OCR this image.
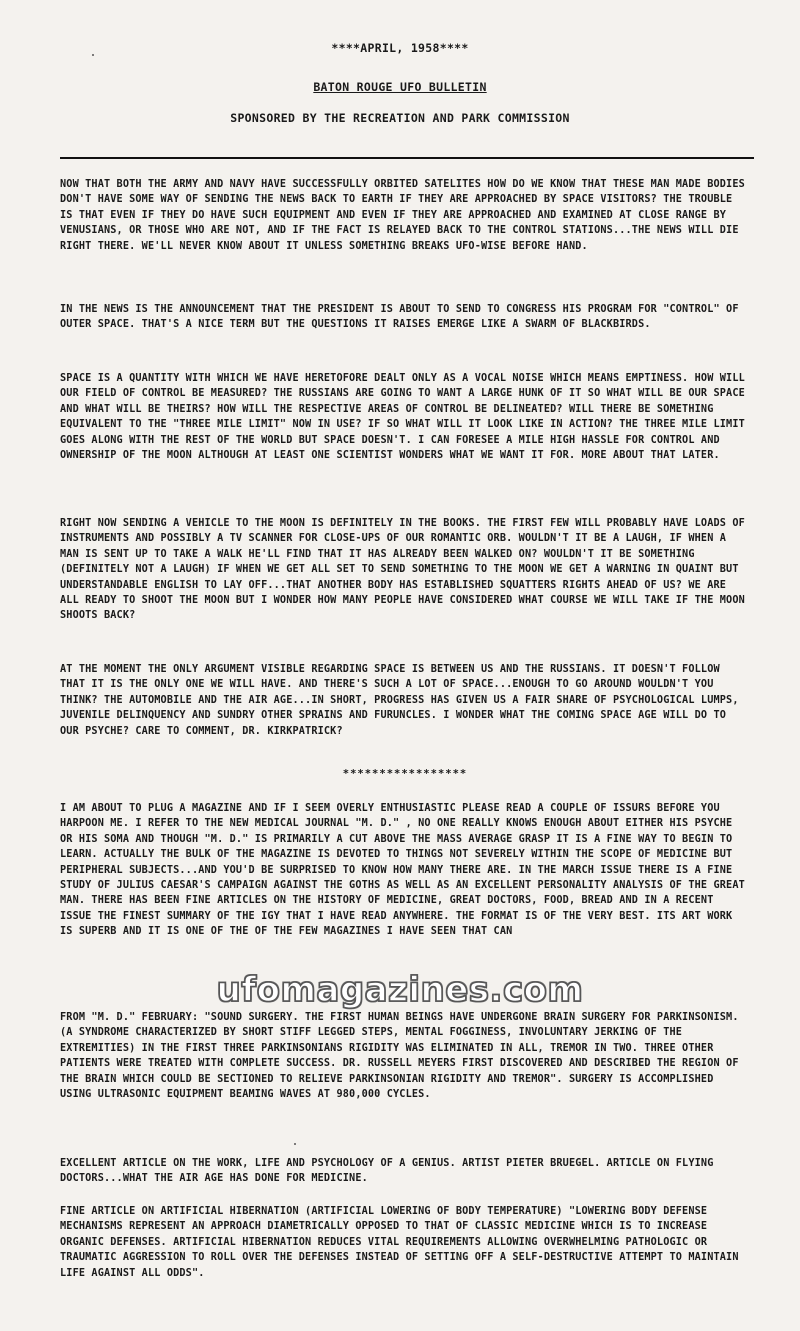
****APRIL, 1958****
BATON ROUGE UFO BULLETIN
SPONSORED BY THE RECREATION AND PARK COMMISSION

NOW THAT BOTH THE ARMY AND NAVY HAVE SUCCESSFULLY ORBITED SATELITES HOW DO WE KNOW THAT THESE MAN MADE BODIES DON'T HAVE SOME WAY OF SENDING THE NEWS BACK TO EARTH IF THEY ARE APPROACHED BY SPACE VISITORS? THE TROUBLE IS THAT EVEN IF THEY DO HAVE SUCH EQUIPMENT AND EVEN IF THEY ARE APPROACHED AND EXAMINED AT CLOSE RANGE BY VENUSIANS, OR THOSE WHO ARE NOT, AND IF THE FACT IS RELAYED BACK TO THE CONTROL STATIONS...THE NEWS WILL DIE RIGHT THERE. WE'LL NEVER KNOW ABOUT IT UNLESS SOMETHING BREAKS UFO-WISE BEFORE HAND.

IN THE NEWS IS THE ANNOUNCEMENT THAT THE PRESIDENT IS ABOUT TO SEND TO CONGRESS HIS PROGRAM FOR "CONTROL" OF OUTER SPACE. THAT'S A NICE TERM BUT THE QUESTIONS IT RAISES EMERGE LIKE A SWARM OF BLACKBIRDS.

SPACE IS A QUANTITY WITH WHICH WE HAVE HERETOFORE DEALT ONLY AS A VOCAL NOISE WHICH MEANS EMPTINESS. HOW WILL OUR FIELD OF CONTROL BE MEASURED? THE RUSSIANS ARE GOING TO WANT A LARGE HUNK OF IT SO WHAT WILL BE OUR SPACE AND WHAT WILL BE THEIRS? HOW WILL THE RESPECTIVE AREAS OF CONTROL BE DELINEATED? WILL THERE BE SOMETHING EQUIVALENT TO THE "THREE MILE LIMIT" NOW IN USE? IF SO WHAT WILL IT LOOK LIKE IN ACTION? THE THREE MILE LIMIT GOES ALONG WITH THE REST OF THE WORLD BUT SPACE DOESN'T. I CAN FORESEE A MILE HIGH HASSLE FOR CONTROL AND OWNERSHIP OF THE MOON ALTHOUGH AT LEAST ONE SCIENTIST WONDERS WHAT WE WANT IT FOR. MORE ABOUT THAT LATER.

RIGHT NOW SENDING A VEHICLE TO THE MOON IS DEFINITELY IN THE BOOKS. THE FIRST FEW WILL PROBABLY HAVE LOADS OF INSTRUMENTS AND POSSIBLY A TV SCANNER FOR CLOSE-UPS OF OUR ROMANTIC ORB. WOULDN'T IT BE A LAUGH, IF WHEN A MAN IS SENT UP TO TAKE A WALK HE'LL FIND THAT IT HAS ALREADY BEEN WALKED ON? WOULDN'T IT BE SOMETHING (DEFINITELY NOT A LAUGH) IF WHEN WE GET ALL SET TO SEND SOMETHING TO THE MOON WE GET A WARNING IN QUAINT BUT UNDERSTANDABLE ENGLISH TO LAY OFF...THAT ANOTHER BODY HAS ESTABLISHED SQUATTERS RIGHTS AHEAD OF US? WE ARE ALL READY TO SHOOT THE MOON BUT I WONDER HOW MANY PEOPLE HAVE CONSIDERED WHAT COURSE WE WILL TAKE IF THE MOON SHOOTS BACK?

AT THE MOMENT THE ONLY ARGUMENT VISIBLE REGARDING SPACE IS BETWEEN US AND THE RUSSIANS. IT DOESN'T FOLLOW THAT IT IS THE ONLY ONE WE WILL HAVE. AND THERE'S SUCH A LOT OF SPACE...ENOUGH TO GO AROUND WOULDN'T YOU THINK? THE AUTOMOBILE AND THE AIR AGE...IN SHORT, PROGRESS HAS GIVEN US A FAIR SHARE OF PSYCHOLOGICAL LUMPS, JUVENILE DELINQUENCY AND SUNDRY OTHER SPRAINS AND FURUNCLES. I WONDER WHAT THE COMING SPACE AGE WILL DO TO OUR PSYCHE? CARE TO COMMENT, DR. KIRKPATRICK?

*****************

I AM ABOUT TO PLUG A MAGAZINE AND IF I SEEM OVERLY ENTHUSIASTIC PLEASE READ A COUPLE OF ISSURS BEFORE YOU HARPOON ME. I REFER TO THE NEW MEDICAL JOURNAL "M. D." , NO ONE REALLY KNOWS ENOUGH ABOUT EITHER HIS PSYCHE OR HIS SOMA AND THOUGH "M. D." IS PRIMARILY A CUT ABOVE THE MASS AVERAGE GRASP IT IS A FINE WAY TO BEGIN TO LEARN. ACTUALLY THE BULK OF THE MAGAZINE IS DEVOTED TO THINGS NOT SEVERELY WITHIN THE SCOPE OF MEDICINE BUT PERIPHERAL SUBJECTS...AND YOU'D BE SURPRISED TO KNOW HOW MANY THERE ARE. IN THE MARCH ISSUE THERE IS A FINE STUDY OF JULIUS CAESAR'S CAMPAIGN AGAINST THE GOTHS AS WELL AS AN EXCELLENT PERSONALITY ANALYSIS OF THE GREAT MAN. THERE HAS BEEN FINE ARTICLES ON THE HISTORY OF MEDICINE, GREAT DOCTORS, FOOD, BREAD AND IN A RECENT ISSUE THE FINEST SUMMARY OF THE IGY THAT I HAVE READ ANYWHERE. THE FORMAT IS OF THE VERY BEST. ITS ART WORK IS SUPERB AND IT IS ONE OF THE OF THE FEW MAGAZINES I HAVE SEEN THAT CAN

FROM "M. D." FEBRUARY: "SOUND SURGERY. THE FIRST HUMAN BEINGS HAVE UNDERGONE BRAIN SURGERY FOR PARKINSONISM. (A SYNDROME CHARACTERIZED BY SHORT STIFF LEGGED STEPS, MENTAL FOGGINESS, INVOLUNTARY JERKING OF THE EXTREMITIES) IN THE FIRST THREE PARKINSONIANS RIGIDITY WAS ELIMINATED IN ALL, TREMOR IN TWO. THREE OTHER PATIENTS WERE TREATED WITH COMPLETE SUCCESS. DR. RUSSELL MEYERS FIRST DISCOVERED AND DESCRIBED THE REGION OF THE BRAIN WHICH COULD BE SECTIONED TO RELIEVE PARKINSONIAN RIGIDITY AND TREMOR". SURGERY IS ACCOMPLISHED USING ULTRASONIC EQUIPMENT BEAMING WAVES AT 980,000 CYCLES.

EXCELLENT ARTICLE ON THE WORK, LIFE AND PSYCHOLOGY OF A GENIUS. ARTIST PIETER BRUEGEL. ARTICLE ON FLYING DOCTORS...WHAT THE AIR AGE HAS DONE FOR MEDICINE.

FINE ARTICLE ON ARTIFICIAL HIBERNATION (ARTIFICIAL LOWERING OF BODY TEMPERATURE) "LOWERING BODY DEFENSE MECHANISMS REPRESENT AN APPROACH DIAMETRICALLY OPPOSED TO THAT OF CLASSIC MEDICINE WHICH IS TO INCREASE ORGANIC DEFENSES. ARTIFICIAL HIBERNATION REDUCES VITAL REQUIREMENTS ALLOWING OVERWHELMING PATHOLOGIC OR TRAUMATIC AGGRESSION TO ROLL OVER THE DEFENSES INSTEAD OF SETTING OFF A SELF-DESTRUCTIVE ATTEMPT TO MAINTAIN LIFE AGAINST ALL ODDS".

ufomagazines.com
